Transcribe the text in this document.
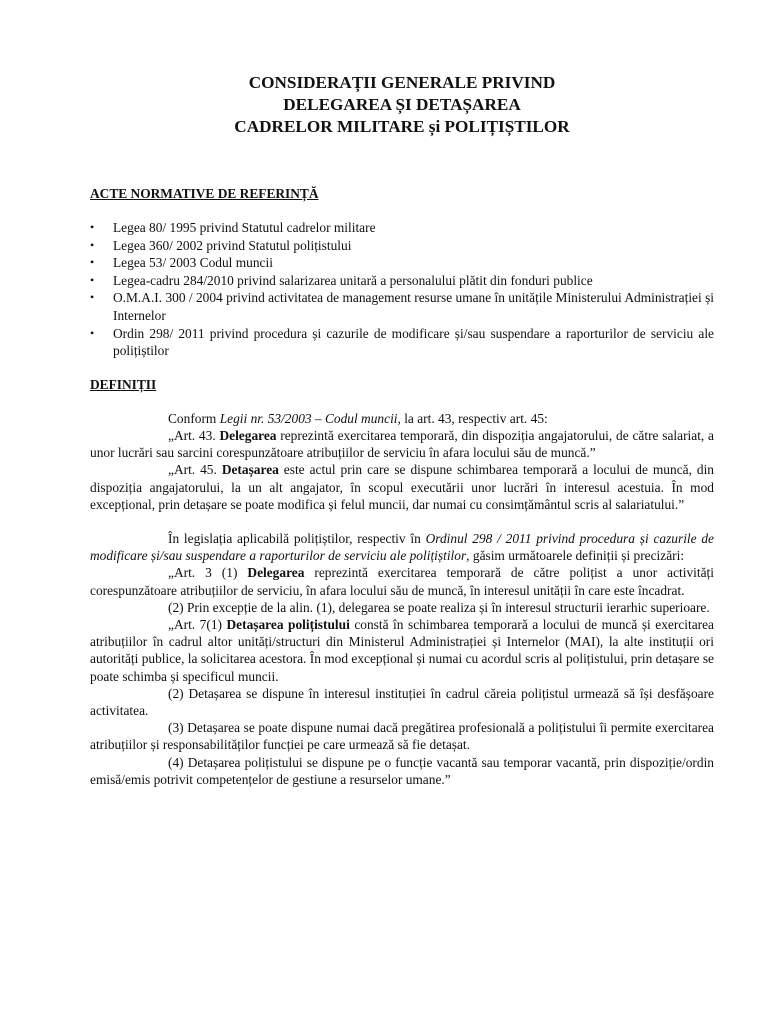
CONSIDERAȚII GENERALE PRIVIND
DELEGAREA ȘI DETAȘAREA
CADRELOR MILITARE și POLIȚIȘTILOR

ACTE NORMATIVE DE REFERINȚĂ

• Legea 80/ 1995 privind Statutul cadrelor militare
• Legea 360/ 2002 privind Statutul polițistului
• Legea 53/ 2003 Codul muncii
• Legea-cadru 284/2010 privind salarizarea unitară a personalului plătit din fonduri publice
• O.M.A.I. 300 / 2004 privind activitatea de management resurse umane în unitățile Ministerului Administrației și Internelor
• Ordin 298/ 2011 privind procedura și cazurile de modificare și/sau suspendare a raporturilor de serviciu ale polițiștilor

DEFINIȚII

Conform Legii nr. 53/2003 – Codul muncii, la art. 43, respectiv art. 45:

„Art. 43. Delegarea reprezintă exercitarea temporară, din dispoziția angajatorului, de către salariat, a unor lucrări sau sarcini corespunzătoare atribuțiilor de serviciu în afara locului său de muncă.”

„Art. 45. Detașarea este actul prin care se dispune schimbarea temporară a locului de muncă, din dispoziția angajatorului, la un alt angajator, în scopul executării unor lucrări în interesul acestuia. În mod excepțional, prin detașare se poate modifica și felul muncii, dar numai cu consimțământul scris al salariatului.”

În legislația aplicabilă polițiștilor, respectiv în Ordinul 298 / 2011 privind procedura și cazurile de modificare și/sau suspendare a raporturilor de serviciu ale polițiștilor, găsim următoarele definiții și precizări:

„Art. 3 (1) Delegarea reprezintă exercitarea temporară de către polițist a unor activități corespunzătoare atribuțiilor de serviciu, în afara locului său de muncă, în interesul unității în care este încadrat.

(2) Prin excepție de la alin. (1), delegarea se poate realiza și în interesul structurii ierarhic superioare.

„Art. 7(1) Detașarea polițistului constă în schimbarea temporară a locului de muncă și exercitarea atribuțiilor în cadrul altor unități/structuri din Ministerul Administrației și Internelor (MAI), la alte instituții ori autorități publice, la solicitarea acestora. În mod excepțional și numai cu acordul scris al polițistului, prin detașare se poate schimba și specificul muncii.

(2) Detașarea se dispune în interesul instituției în cadrul căreia polițistul urmează să își desfășoare activitatea.

(3) Detașarea se poate dispune numai dacă pregătirea profesională a polițistului îi permite exercitarea atribuțiilor și responsabilităților funcției pe care urmează să fie detașat.

(4) Detașarea polițistului se dispune pe o funcție vacantă sau temporar vacantă, prin dispoziție/ordin emisă/emis potrivit competențelor de gestiune a resurselor umane.”
